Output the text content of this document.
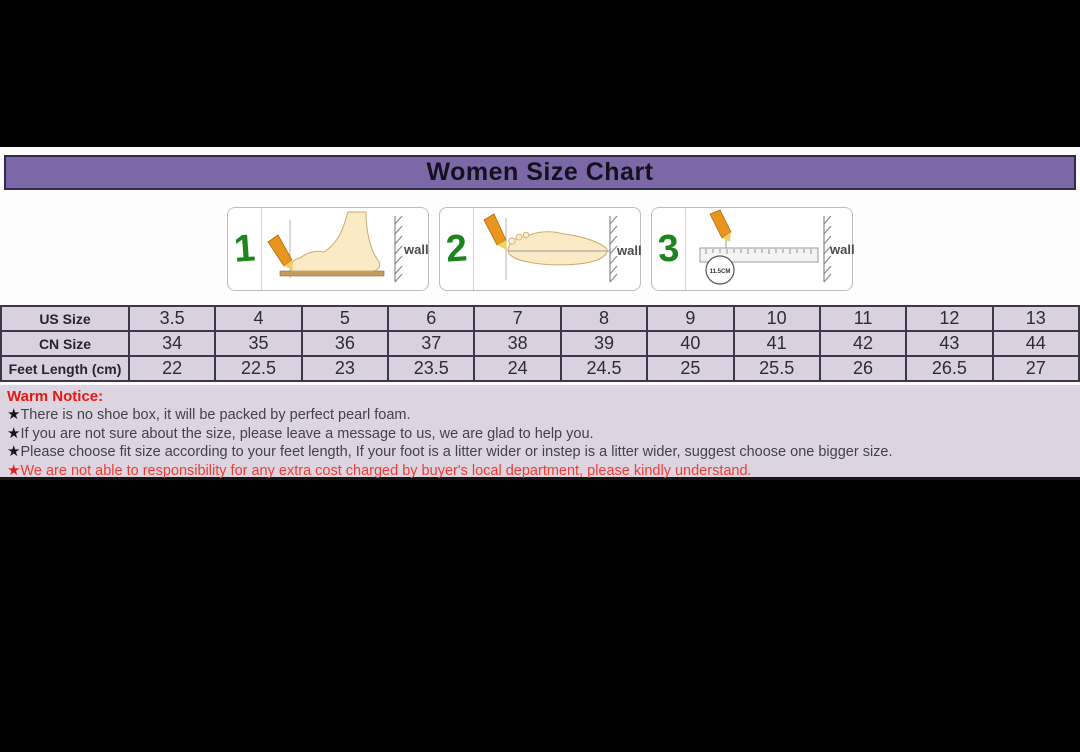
Women Size Chart
1	wall 2	wall 3
11.5CM
wall
US Size	3.5	4	5	6	7	8	9	10	11	12	13
CN Size	34	35	36	37	38	39	40	41	42	43	44
Feet Length (cm)	22	22.5	23	23.5	24	24.5	25	25.5	26	26.5	27
Warm Notice:
★There is no shoe box, it will be packed by perfect pearl foam.
★If you are not sure about the size, please leave a message to us, we are glad to help you.
★Please choose fit size according to your feet length, If your foot is a litter wider or instep is a litter wider, suggest choose one bigger size.
★We are not able to responsibility for any extra cost charged by buyer's local department, please kindly understand.
